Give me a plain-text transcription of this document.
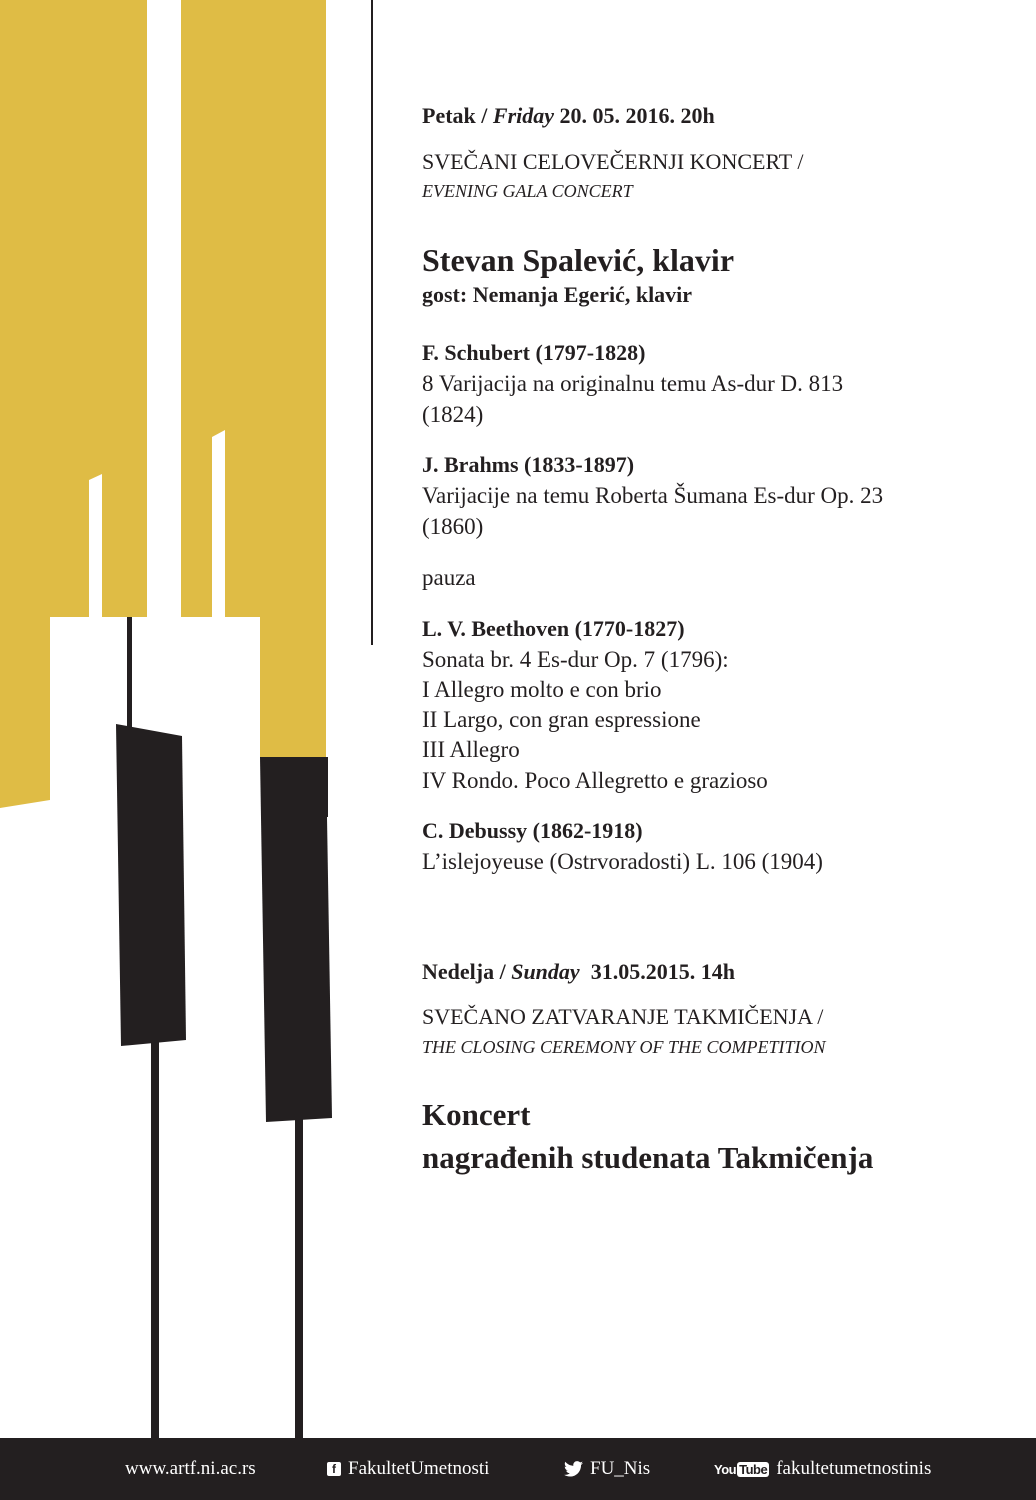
Petak / Friday 20. 05. 2016. 20h
SVEČANI CELOVEČERNJI KONCERT /
EVENING GALA CONCERT
Stevan Spalević, klavir
gost: Nemanja Egerić, klavir
F. Schubert (1797-1828)
8 Varijacija na originalnu temu As-dur D. 813
(1824)
J. Brahms (1833-1897)
Varijacije na temu Roberta Šumana Es-dur Op. 23
(1860)
pauza
L. V. Beethoven (1770-1827)
Sonata br. 4 Es-dur Op. 7 (1796):
I Allegro molto e con brio
II Largo, con gran espressione
III Allegro
IV Rondo. Poco Allegretto e grazioso
C. Debussy (1862-1918)
L’islejoyeuse (Ostrvoradosti) L. 106 (1904)
Nedelja / Sunday  31.05.2015. 14h
SVEČANO ZATVARANJE TAKMIČENJA /
THE CLOSING CEREMONY OF THE COMPETITION
Koncert
nagrađenih studenata Takmičenja
www.artf.ni.ac.rs	f FakultetUmetnosti	FU_Nis	You Tube fakultetumetnostinis
